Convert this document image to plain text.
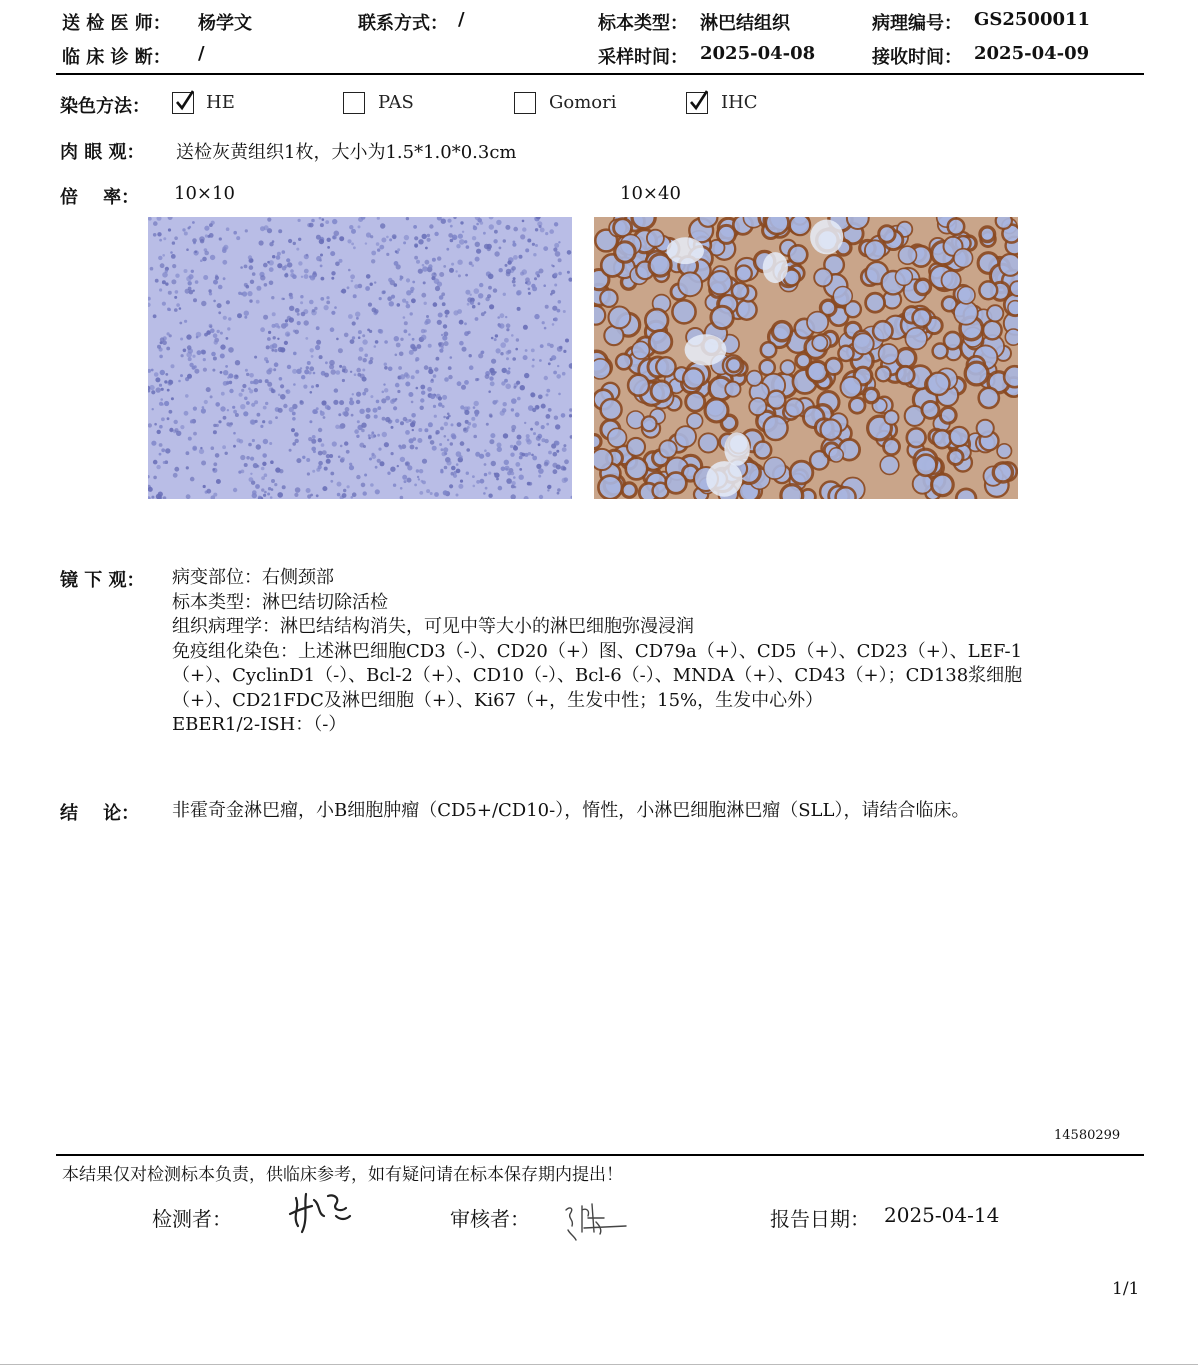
送 检 医 师： 杨学文	联系方式： /	标本类型： 淋巴结组织	病理编号： GS2500011
临 床 诊 断： /	采样时间： 2025-04-08	接收时间： 2025-04-09
染色方法：	HE	PAS	Gomori	IHC
肉 眼 观： 送检灰黄组织1枚，大小为1.5*1.0*0.3cm
倍    率： 10×10	10×40
镜 下 观： 病变部位：右侧颈部
标本类型：淋巴结切除活检
组织病理学：淋巴结结构消失，可见中等大小的淋巴细胞弥漫浸润
免疫组化染色：上述淋巴细胞CD3（-）、CD20（+）图、CD79a（+）、CD5（+）、CD23（+）、LEF-1（+）、CyclinD1（-）、Bcl-2（+）、CD10（-）、Bcl-6（-）、MNDA（+）、CD43（+）；CD138浆细胞（+）、CD21FDC及淋巴细胞（+）、Ki67（+，生发中性；15%，生发中心外）
EBER1/2-ISH：（-）
结    论： 非霍奇金淋巴瘤，小B细胞肿瘤（CD5+/CD10-），惰性，小淋巴细胞淋巴瘤（SLL），请结合临床。
14580299
本结果仅对检测标本负责，供临床参考，如有疑问请在标本保存期内提出！
检测者：	审核者：	报告日期： 2025-04-14
1/1
